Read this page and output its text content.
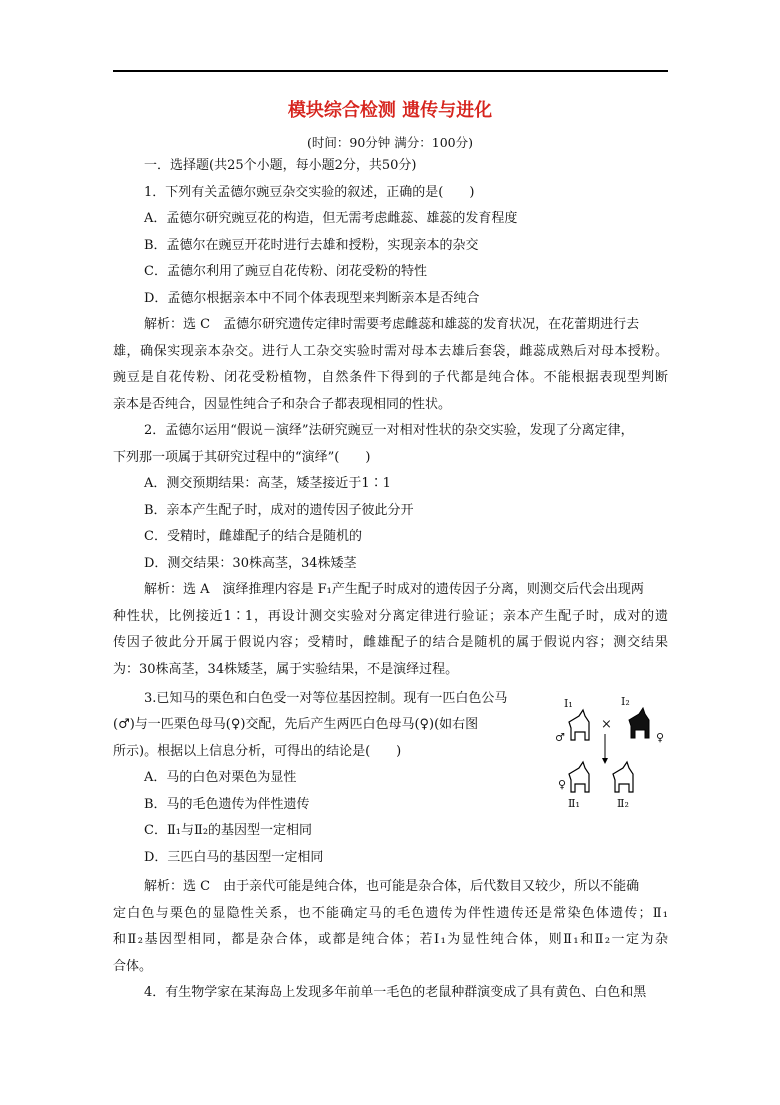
模块综合检测 遗传与进化
(时间：90分钟 满分：100分)
一．选择题(共25个小题，每小题2分，共50分)
1．下列有关孟德尔豌豆杂交实验的叙述，正确的是(　　)
A．孟德尔研究豌豆花的构造，但无需考虑雌蕊、雄蕊的发育程度
B．孟德尔在豌豆开花时进行去雄和授粉，实现亲本的杂交
C．孟德尔利用了豌豆自花传粉、闭花受粉的特性
D．孟德尔根据亲本中不同个体表现型来判断亲本是否纯合
解析：选 C　孟德尔研究遗传定律时需要考虑雌蕊和雄蕊的发育状况，在花蕾期进行去
雄，确保实现亲本杂交。进行人工杂交实验时需对母本去雄后套袋，雌蕊成熟后对母本授粉。
豌豆是自花传粉、闭花受粉植物，自然条件下得到的子代都是纯合体。不能根据表现型判断
亲本是否纯合，因显性纯合子和杂合子都表现相同的性状。
2．孟德尔运用“假说－演绎”法研究豌豆一对相对性状的杂交实验，发现了分离定律，
下列那一项属于其研究过程中的“演绎”(　　)
A．测交预期结果：高茎，矮茎接近于1∶1
B．亲本产生配子时，成对的遗传因子彼此分开
C．受精时，雌雄配子的结合是随机的
D．测交结果：30株高茎，34株矮茎
解析：选 A　演绎推理内容是 F₁产生配子时成对的遗传因子分离，则测交后代会出现两
种性状，比例接近1∶1，再设计测交实验对分离定律进行验证；亲本产生配子时，成对的遗
传因子彼此分开属于假说内容；受精时，雌雄配子的结合是随机的属于假说内容；测交结果
为：30株高茎，34株矮茎，属于实验结果，不是演绎过程。
3.已知马的栗色和白色受一对等位基因控制。现有一匹白色公马
(♂)与一匹栗色母马(♀)交配，先后产生两匹白色母马(♀)(如右图
所示)。根据以上信息分析，可得出的结论是(　　)
A．马的白色对栗色为显性
B．马的毛色遗传为伴性遗传
C．Ⅱ₁与Ⅱ₂的基因型一定相同
D．三匹白马的基因型一定相同
Ⅰ₁	Ⅰ₂
×
♂	♀
♀
Ⅱ₁	Ⅱ₂
解析：选 C　由于亲代可能是纯合体，也可能是杂合体，后代数目又较少，所以不能确
定白色与栗色的显隐性关系，也不能确定马的毛色遗传为伴性遗传还是常染色体遗传；Ⅱ₁
和Ⅱ₂基因型相同，都是杂合体，或都是纯合体；若Ⅰ₁为显性纯合体，则Ⅱ₁和Ⅱ₂一定为杂
合体。
4．有生物学家在某海岛上发现多年前单一毛色的老鼠种群演变成了具有黄色、白色和黑
